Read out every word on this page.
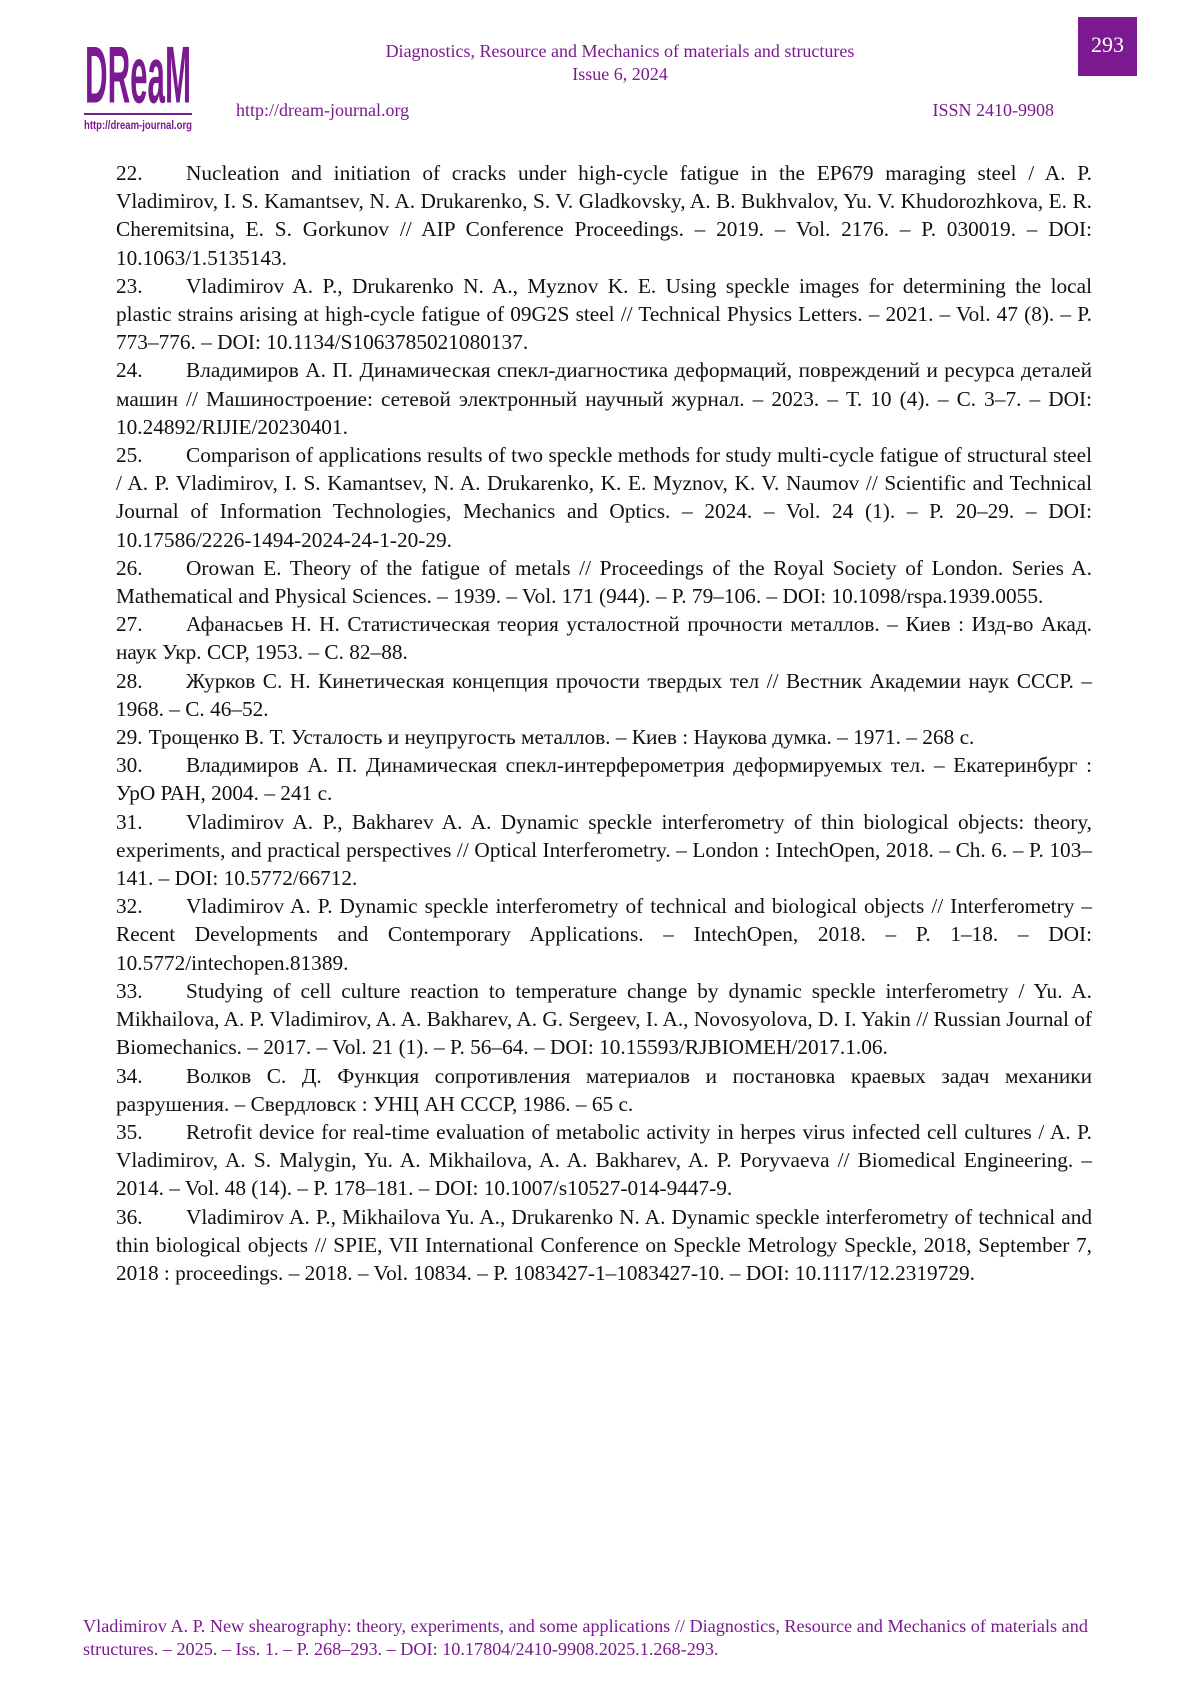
DReaM
http://dream-journal.org
Diagnostics, Resource and Mechanics of materials and structures
Issue 6, 2024
http://dream-journal.org	ISSN 2410-9908
293

22. Nucleation and initiation of cracks under high-cycle fatigue in the EP679 maraging steel / A. P. Vladimirov, I. S. Kamantsev, N. A. Drukarenko, S. V. Gladkovsky, A. B. Bukhvalov, Yu. V. Khudorozhkova, E. R. Cheremitsina, E. S. Gorkunov // AIP Conference Proceedings. – 2019. – Vol. 2176. – P. 030019. – DOI: 10.1063/1.5135143.

23. Vladimirov A. P., Drukarenko N. A., Myznov K. E. Using speckle images for determining the local plastic strains arising at high-cycle fatigue of 09G2S steel // Technical Physics Letters. – 2021. – Vol. 47 (8). – P. 773–776. – DOI: 10.1134/S1063785021080137.

24. Владимиров А. П. Динамическая спекл-диагностика деформаций, повреждений и ресурса деталей машин // Машиностроение: сетевой электронный научный журнал. – 2023. – Т. 10 (4). – С. 3–7. – DOI: 10.24892/RIJIE/20230401.

25. Comparison of applications results of two speckle methods for study multi-cycle fatigue of structural steel / A. P. Vladimirov, I. S. Kamantsev, N. A. Drukarenko, K. E. Myznov, K. V. Naumov // Scientific and Technical Journal of Information Technologies, Mechanics and Optics. – 2024. – Vol. 24 (1). – P. 20–29. – DOI: 10.17586/2226-1494-2024-24-1-20-29.

26. Orowan E. Theory of the fatigue of metals // Proceedings of the Royal Society of London. Series A. Mathematical and Physical Sciences. – 1939. – Vol. 171 (944). – P. 79–106. – DOI: 10.1098/rspa.1939.0055.

27. Афанасьев Н. Н. Статистическая теория усталостной прочности металлов. – Киев : Изд-во Акад. наук Укр. ССР, 1953. – С. 82–88.

28. Журков С. Н. Кинетическая концепция прочости твердых тел // Вестник Академии наук СССР. – 1968. – С. 46–52.

29. Трощенко В. Т. Усталость и неупругость металлов. – Киев : Наукова думка. – 1971. – 268 с.

30. Владимиров А. П. Динамическая спекл-интерферометрия деформируемых тел. – Екатеринбург : УрО РАН, 2004. – 241 с.

31. Vladimirov A. P., Bakharev A. A. Dynamic speckle interferometry of thin biological objects: theory, experiments, and practical perspectives // Optical Interferometry. – London : IntechOpen, 2018. – Ch. 6. – P. 103–141. – DOI: 10.5772/66712.

32. Vladimirov A. P. Dynamic speckle interferometry of technical and biological objects // Interferometry – Recent Developments and Contemporary Applications. – IntechOpen, 2018. – P. 1–18. – DOI: 10.5772/intechopen.81389.

33. Studying of cell culture reaction to temperature change by dynamic speckle interferometry / Yu. A. Mikhailova, A. P. Vladimirov, A. A. Bakharev, A. G. Sergeev, I. A., Novosyolova, D. I. Yakin // Russian Journal of Biomechanics. – 2017. – Vol. 21 (1). – P. 56–64. – DOI: 10.15593/RJBIOMEH/2017.1.06.

34. Волков С. Д. Функция сопротивления материалов и постановка краевых задач механики разрушения. – Свердловск : УНЦ АН СССР, 1986. – 65 с.

35. Retrofit device for real-time evaluation of metabolic activity in herpes virus infected cell cultures / A. P. Vladimirov, A. S. Malygin, Yu. A. Mikhailova, A. A. Bakharev, A. P. Poryvaeva // Biomedical Engineering. – 2014. – Vol. 48 (14). – P. 178–181. – DOI: 10.1007/s10527-014-9447-9.

36. Vladimirov A. P., Mikhailova Yu. A., Drukarenko N. A. Dynamic speckle interferometry of technical and thin biological objects // SPIE, VII International Conference on Speckle Metrology Speckle, 2018, September 7, 2018 : proceedings. – 2018. – Vol. 10834. – P. 1083427-1–1083427-10. – DOI: 10.1117/12.2319729.

Vladimirov A. P. New shearography: theory, experiments, and some applications // Diagnostics, Resource and Mechanics of materials and structures. – 2025. – Iss. 1. – P. 268–293. – DOI: 10.17804/2410-9908.2025.1.268-293.
